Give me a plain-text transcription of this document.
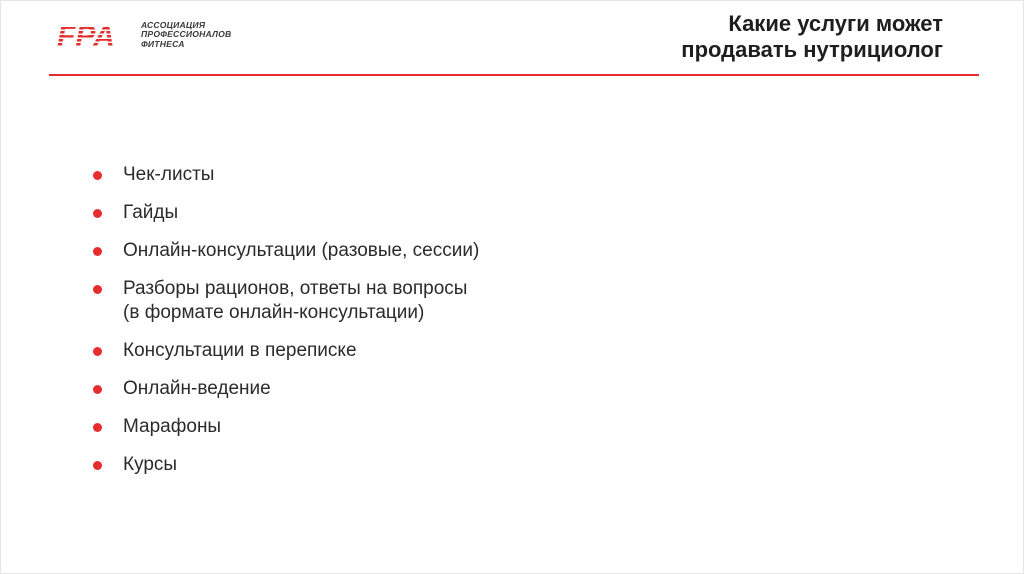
FPA	АССОЦИАЦИЯ
ПРОФЕССИОНАЛОВ
ФИТНЕСА
Какие услуги может
продавать нутрициолог
Чек-листы
Гайды
Онлайн-консультации (разовые, сессии)
Разборы рационов, ответы на вопросы
(в формате онлайн-консультации)
Консультации в переписке
Онлайн-ведение
Марафоны
Курсы
